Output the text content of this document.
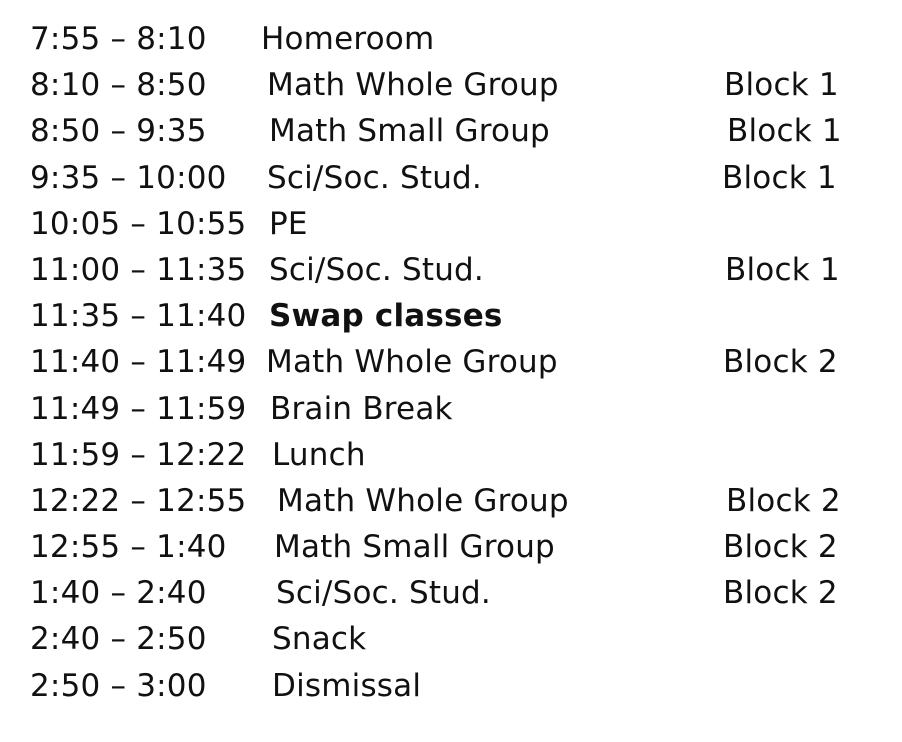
7:55 – 8:10 Homeroom
8:10 – 8:50 Math Whole Group	Block 1
8:50 – 9:35 Math Small Group	Block 1
9:35 – 10:00 Sci/Soc. Stud.	Block 1
10:05 – 10:55 PE
11:00 – 11:35 Sci/Soc. Stud.	Block 1
11:35 – 11:40 Swap classes
11:40 – 11:49 Math Whole Group	Block 2
11:49 – 11:59 Brain Break
11:59 – 12:22 Lunch
12:22 – 12:55 Math Whole Group	Block 2
12:55 – 1:40 Math Small Group	Block 2
1:40 – 2:40 Sci/Soc. Stud.	Block 2
2:40 – 2:50 Snack
2:50 – 3:00 Dismissal
